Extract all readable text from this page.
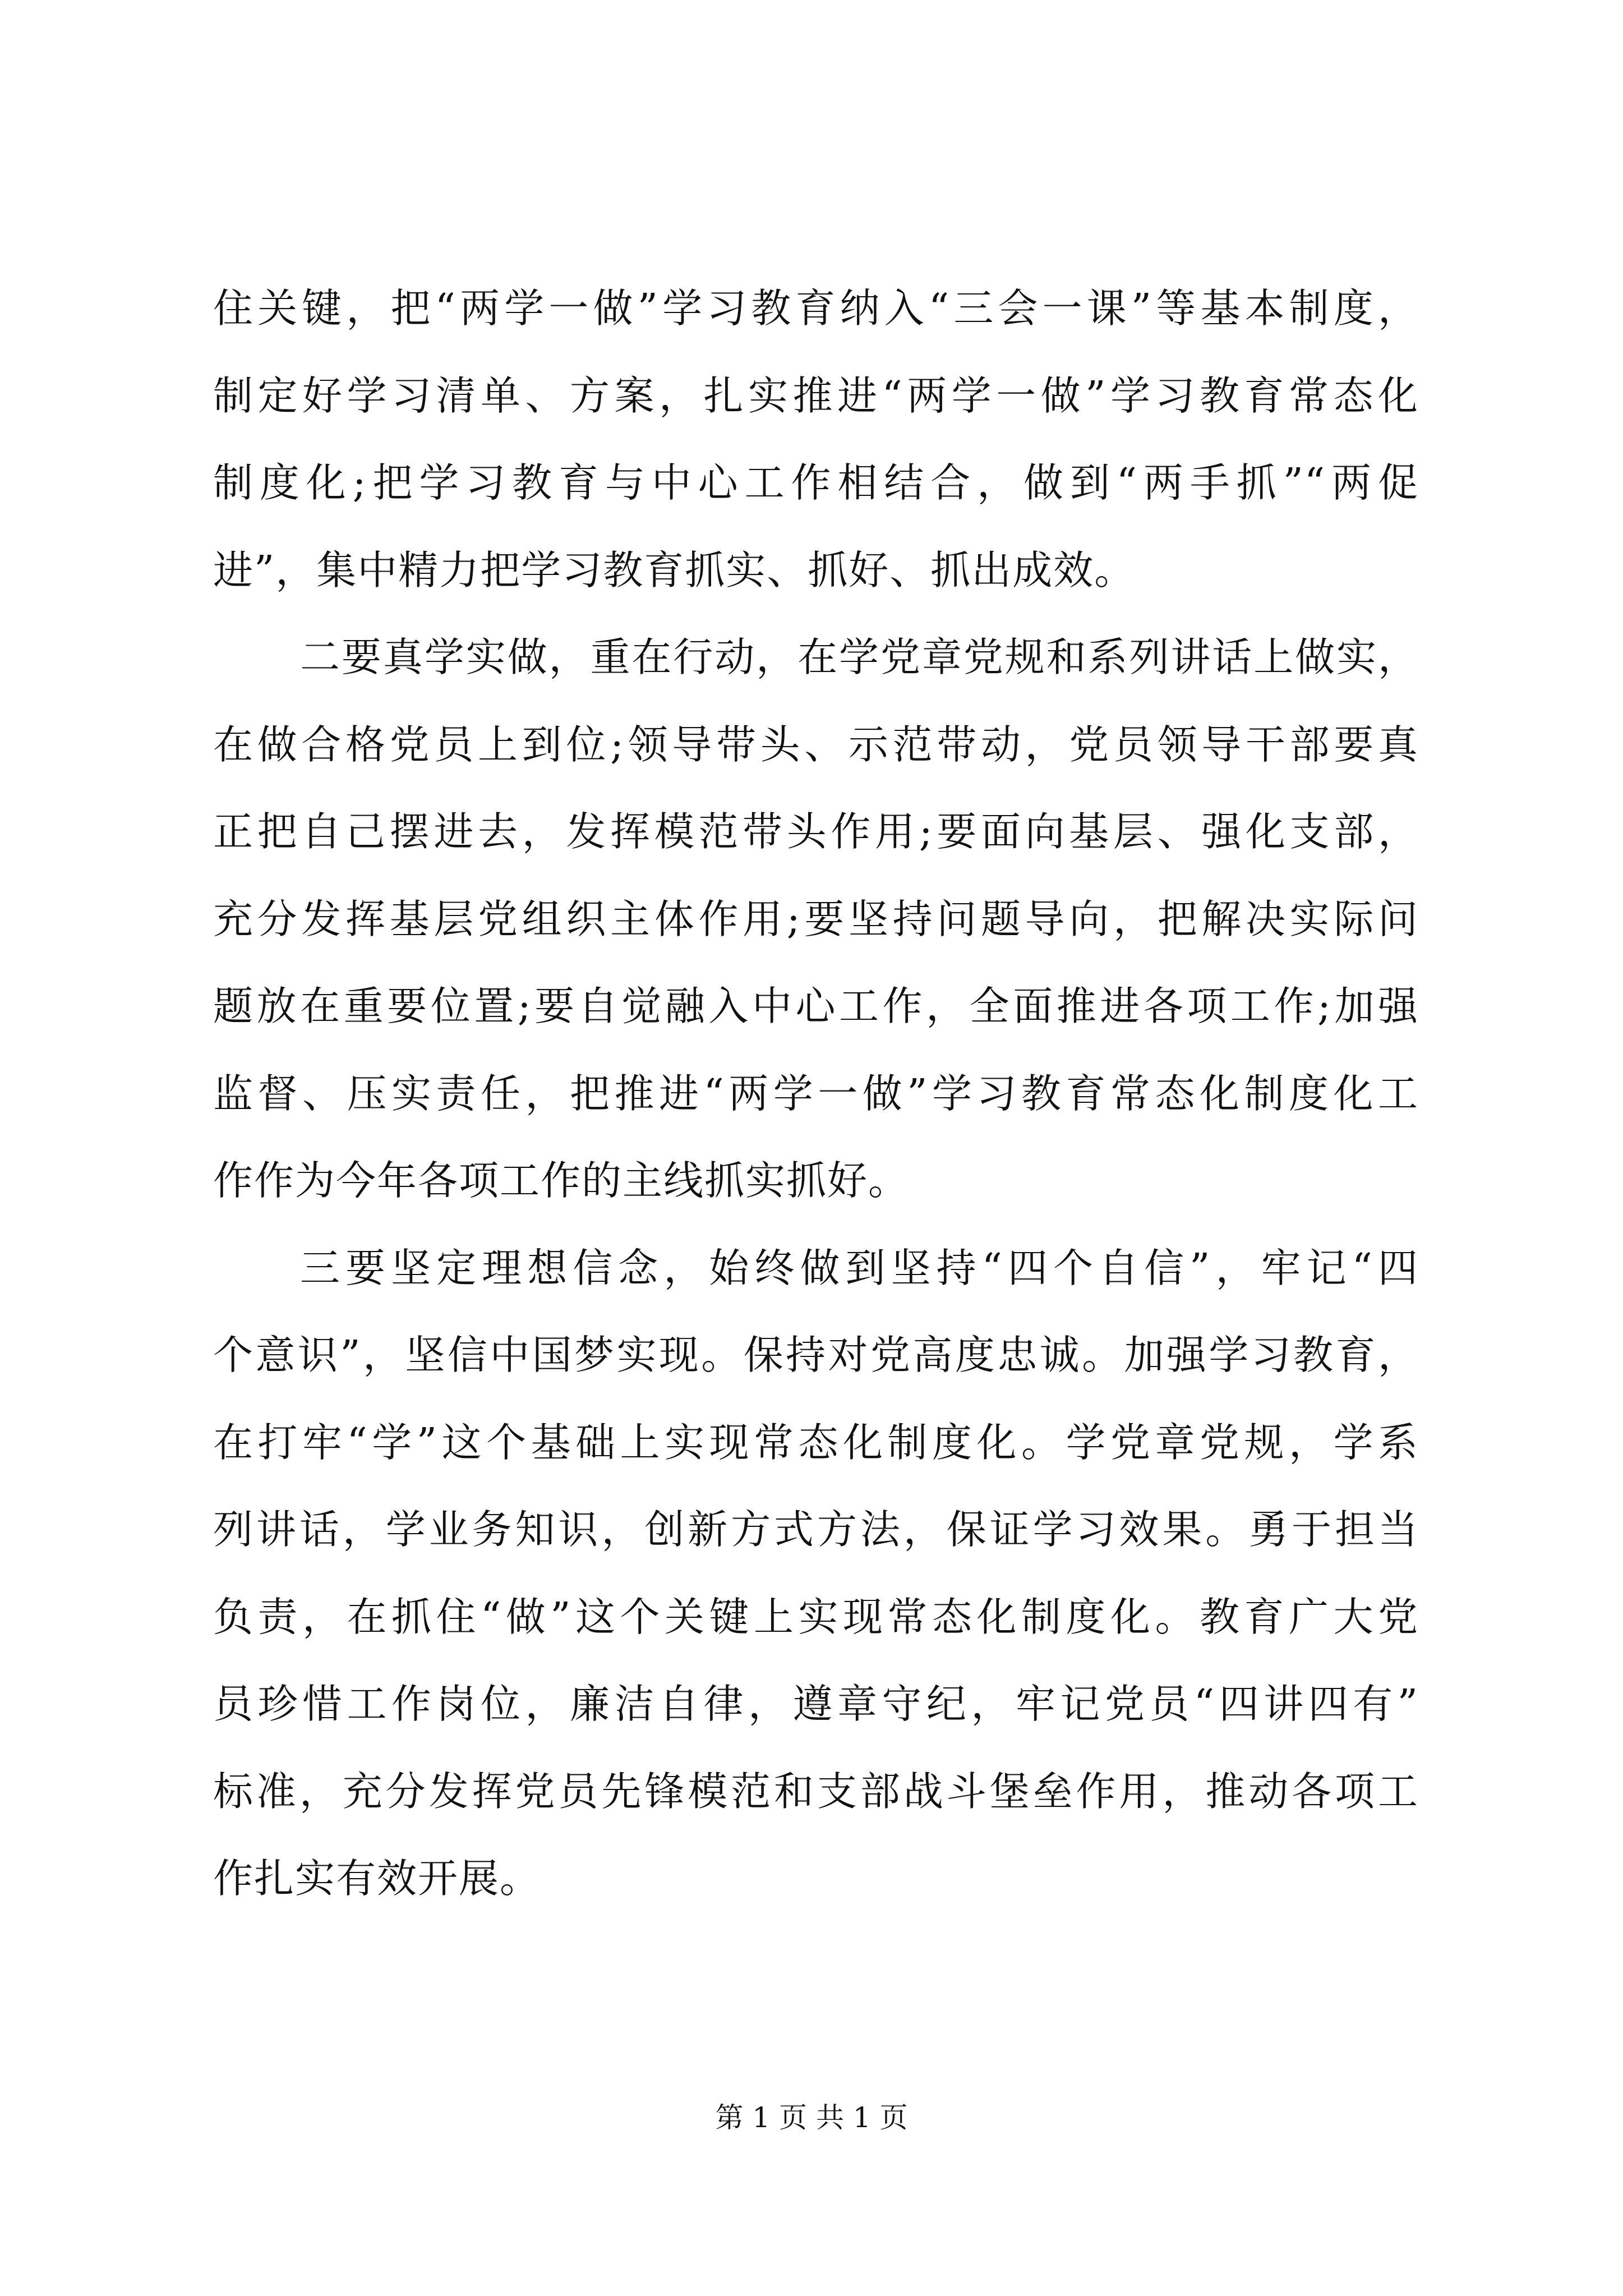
住关键，把“两学一做”学习教育纳入“三会一课”等基本制度，
制定好学习清单、方案，扎实推进“两学一做”学习教育常态化
制度化;把学习教育与中心工作相结合，做到“两手抓”“两促
进”，集中精力把学习教育抓实、抓好、抓出成效。
二要真学实做，重在行动，在学党章党规和系列讲话上做实，
在做合格党员上到位;领导带头、示范带动，党员领导干部要真
正把自己摆进去，发挥模范带头作用;要面向基层、强化支部，
充分发挥基层党组织主体作用;要坚持问题导向，把解决实际问
题放在重要位置;要自觉融入中心工作，全面推进各项工作;加强
监督、压实责任，把推进“两学一做”学习教育常态化制度化工
作作为今年各项工作的主线抓实抓好。
三要坚定理想信念，始终做到坚持“四个自信”，牢记“四
个意识”，坚信中国梦实现。保持对党高度忠诚。加强学习教育，
在打牢“学”这个基础上实现常态化制度化。学党章党规，学系
列讲话，学业务知识，创新方式方法，保证学习效果。勇于担当
负责，在抓住“做”这个关键上实现常态化制度化。教育广大党
员珍惜工作岗位，廉洁自律，遵章守纪，牢记党员“四讲四有”
标准，充分发挥党员先锋模范和支部战斗堡垒作用，推动各项工
作扎实有效开展。
第 1 页 共 1 页
